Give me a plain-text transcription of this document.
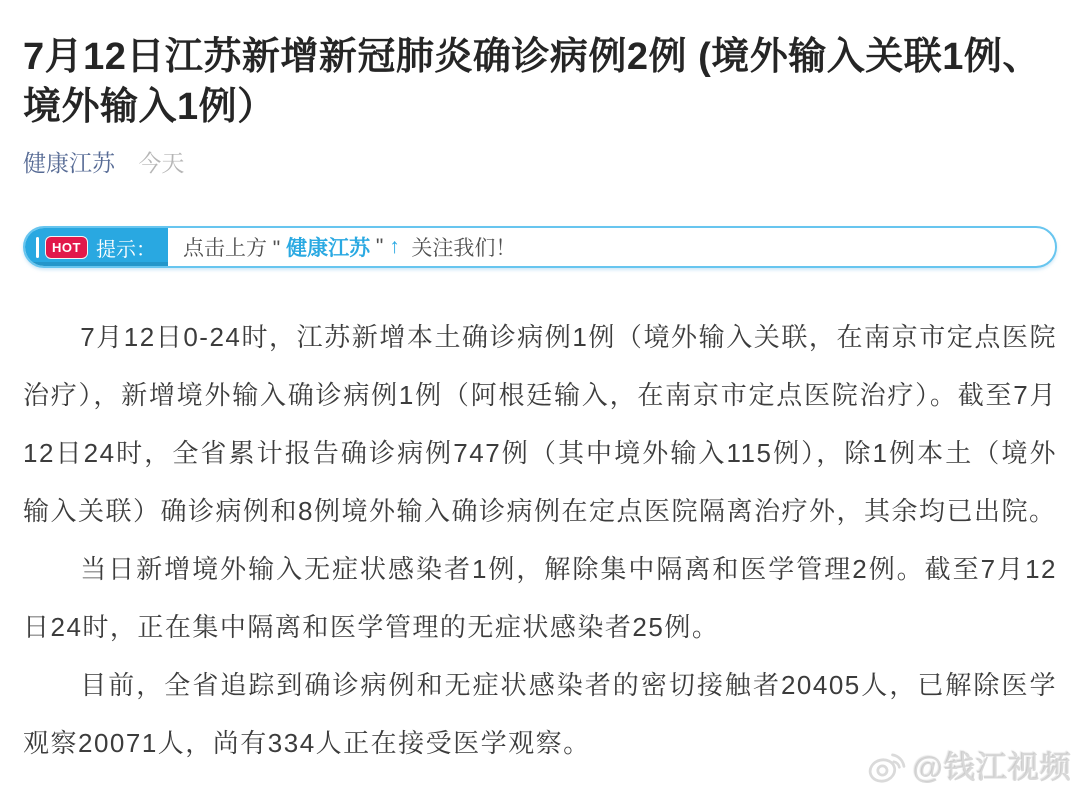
7月12日江苏新增新冠肺炎确诊病例2例 (境外输入关联1例、境外输入1例）
健康江苏 今天
HOT 提示： 点击上方 " 健康江苏 " ↑ 关注我们！

7月12日0-24时，江苏新增本土确诊病例1例（境外输入关联，在南京市定点医院治疗），新增境外输入确诊病例1例（阿根廷输入，在南京市定点医院治疗）。截至7月12日24时，全省累计报告确诊病例747例（其中境外输入115例），除1例本土（境外输入关联）确诊病例和8例境外输入确诊病例在定点医院隔离治疗外，其余均已出院。

当日新增境外输入无症状感染者1例，解除集中隔离和医学管理2例。截至7月12日24时，正在集中隔离和医学管理的无症状感染者25例。

目前，全省追踪到确诊病例和无症状感染者的密切接触者20405人，已解除医学观察20071人，尚有334人正在接受医学观察。

@钱江视频
